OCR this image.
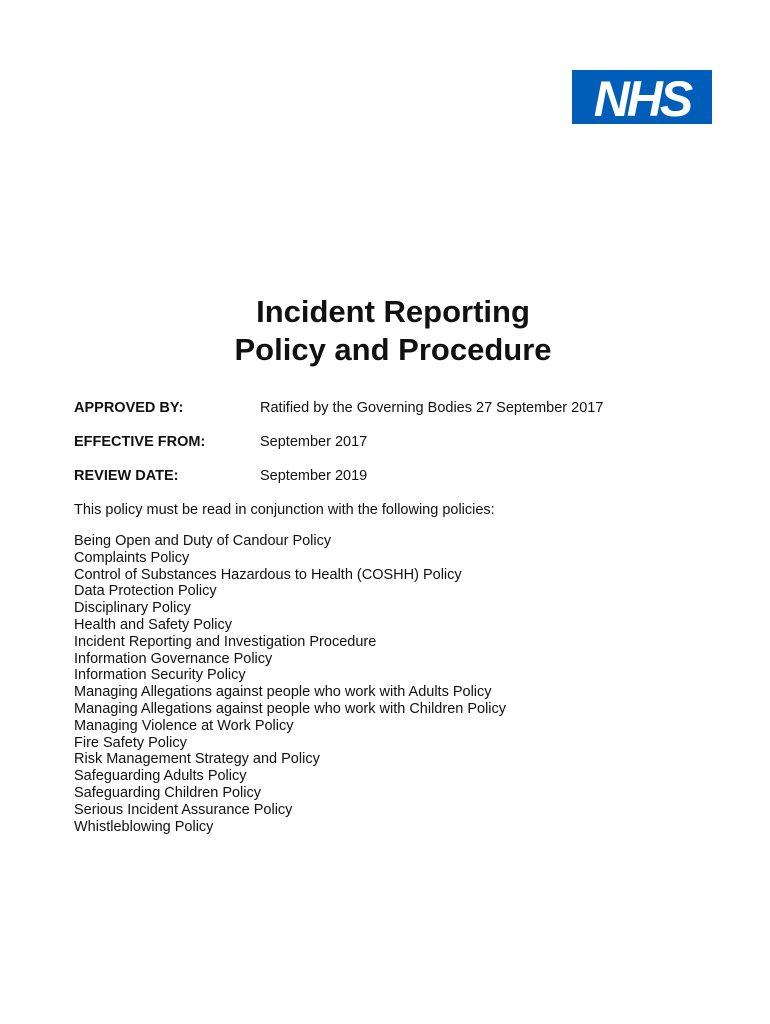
NHS
Incident Reporting
Policy and Procedure
APPROVED BY:	Ratified by the Governing Bodies 27 September 2017
EFFECTIVE FROM:	September 2017
REVIEW DATE:	September 2019

This policy must be read in conjunction with the following policies:

Being Open and Duty of Candour Policy
Complaints Policy
Control of Substances Hazardous to Health (COSHH) Policy
Data Protection Policy
Disciplinary Policy
Health and Safety Policy
Incident Reporting and Investigation Procedure
Information Governance Policy
Information Security Policy
Managing Allegations against people who work with Adults Policy
Managing Allegations against people who work with Children Policy
Managing Violence at Work Policy
Fire Safety Policy
Risk Management Strategy and Policy
Safeguarding Adults Policy
Safeguarding Children Policy
Serious Incident Assurance Policy
Whistleblowing Policy
